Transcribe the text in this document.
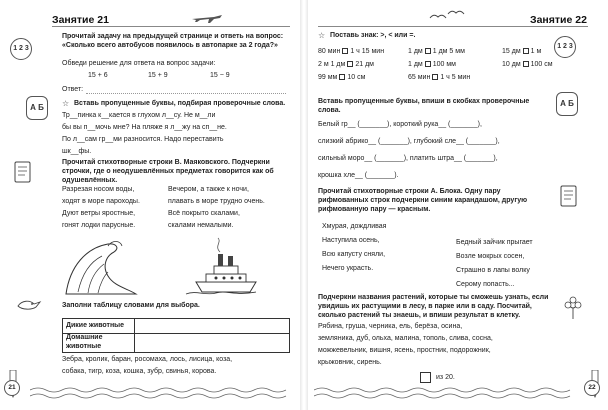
Занятие 21
1 2 3
Прочитай задачу на предыдущей странице и ответь на вопрос: «Сколько всего автобусов появилось в автопарке за 2 года?»
Обведи решение для ответа на вопрос задачи:
15 + 6	15 + 9	15 − 9
Ответ:
А Б	☆ Вставь пропущенные буквы, подбирая проверочные слова.
Тр__пинка к__кается в глухом л__су. Не м__ли
бы вы п__мочь мне? На пляже я л__жу на сп__не.
По л__сам гр__ми разносится. Надо переставить
шк__фы.
Прочитай стихотворные строки В. Маяковского. Подчеркни строчки, где о неодушевлённых предметах говорится как об одушевлённых.
Разрезая носом воды,
ходят в море пароходы.
Дуют ветры яростные,
гонят лодки парусные.
Вечером, а также к ночи,
плавать в море трудно очень.
Всё покрыто скалами,
скалами немалыми.
Заполни таблицу словами для выбора.
Дикие животные	
Домашние животные	
Зебра, кролик, баран, росомаха, лось, лисица, коза,
собака, тигр, коза, кошка, зубр, свинья, корова.
21
Занятие 22
1 2 3
☆ Поставь знак: >, < или =.
80 мин 1 ч 15 мин	1 дм 1 дм 5 мм	15 дм 1 м
2 м 1 дм 21 дм	1 дм 100 мм	10 дм 100 см
99 мм 10 см	65 мин 1 ч 5 мин
Вставь пропущенные буквы, впиши в скобках проверочные слова.
А Б
Белый гр__ (_______), короткий рука__ (_______),
слизкий абрико__ (_______), глубокий сле__ (_______),
сильный моро__ (_______), платить штра__ (_______),
крошка хле__ (_______).
Прочитай стихотворные строки А. Блока. Одну пару рифмованных строк подчеркни синим карандашом, другую рифмованную пару — красным.
Хмурая, дождливая
Наступила осень,
Всю капусту сняли,
Нечего украсть.
Бедный зайчик прыгает
Возле мокрых сосен,
Страшно в лапы волку
Серому попасть...
Подчеркни названия растений, которые ты сможешь узнать, если увидишь их растущими в лесу, в парке или в саду. Посчитай, сколько растений ты знаешь, и впиши результат в клетку.
Рябина, груша, черника, ель, берёза, осина,
земляника, дуб, ольха, малина, тополь, слива, сосна,
можжевельник, вишня, ясень, простник, подорожник,
крыжовник, сирень.
из 20.
22
